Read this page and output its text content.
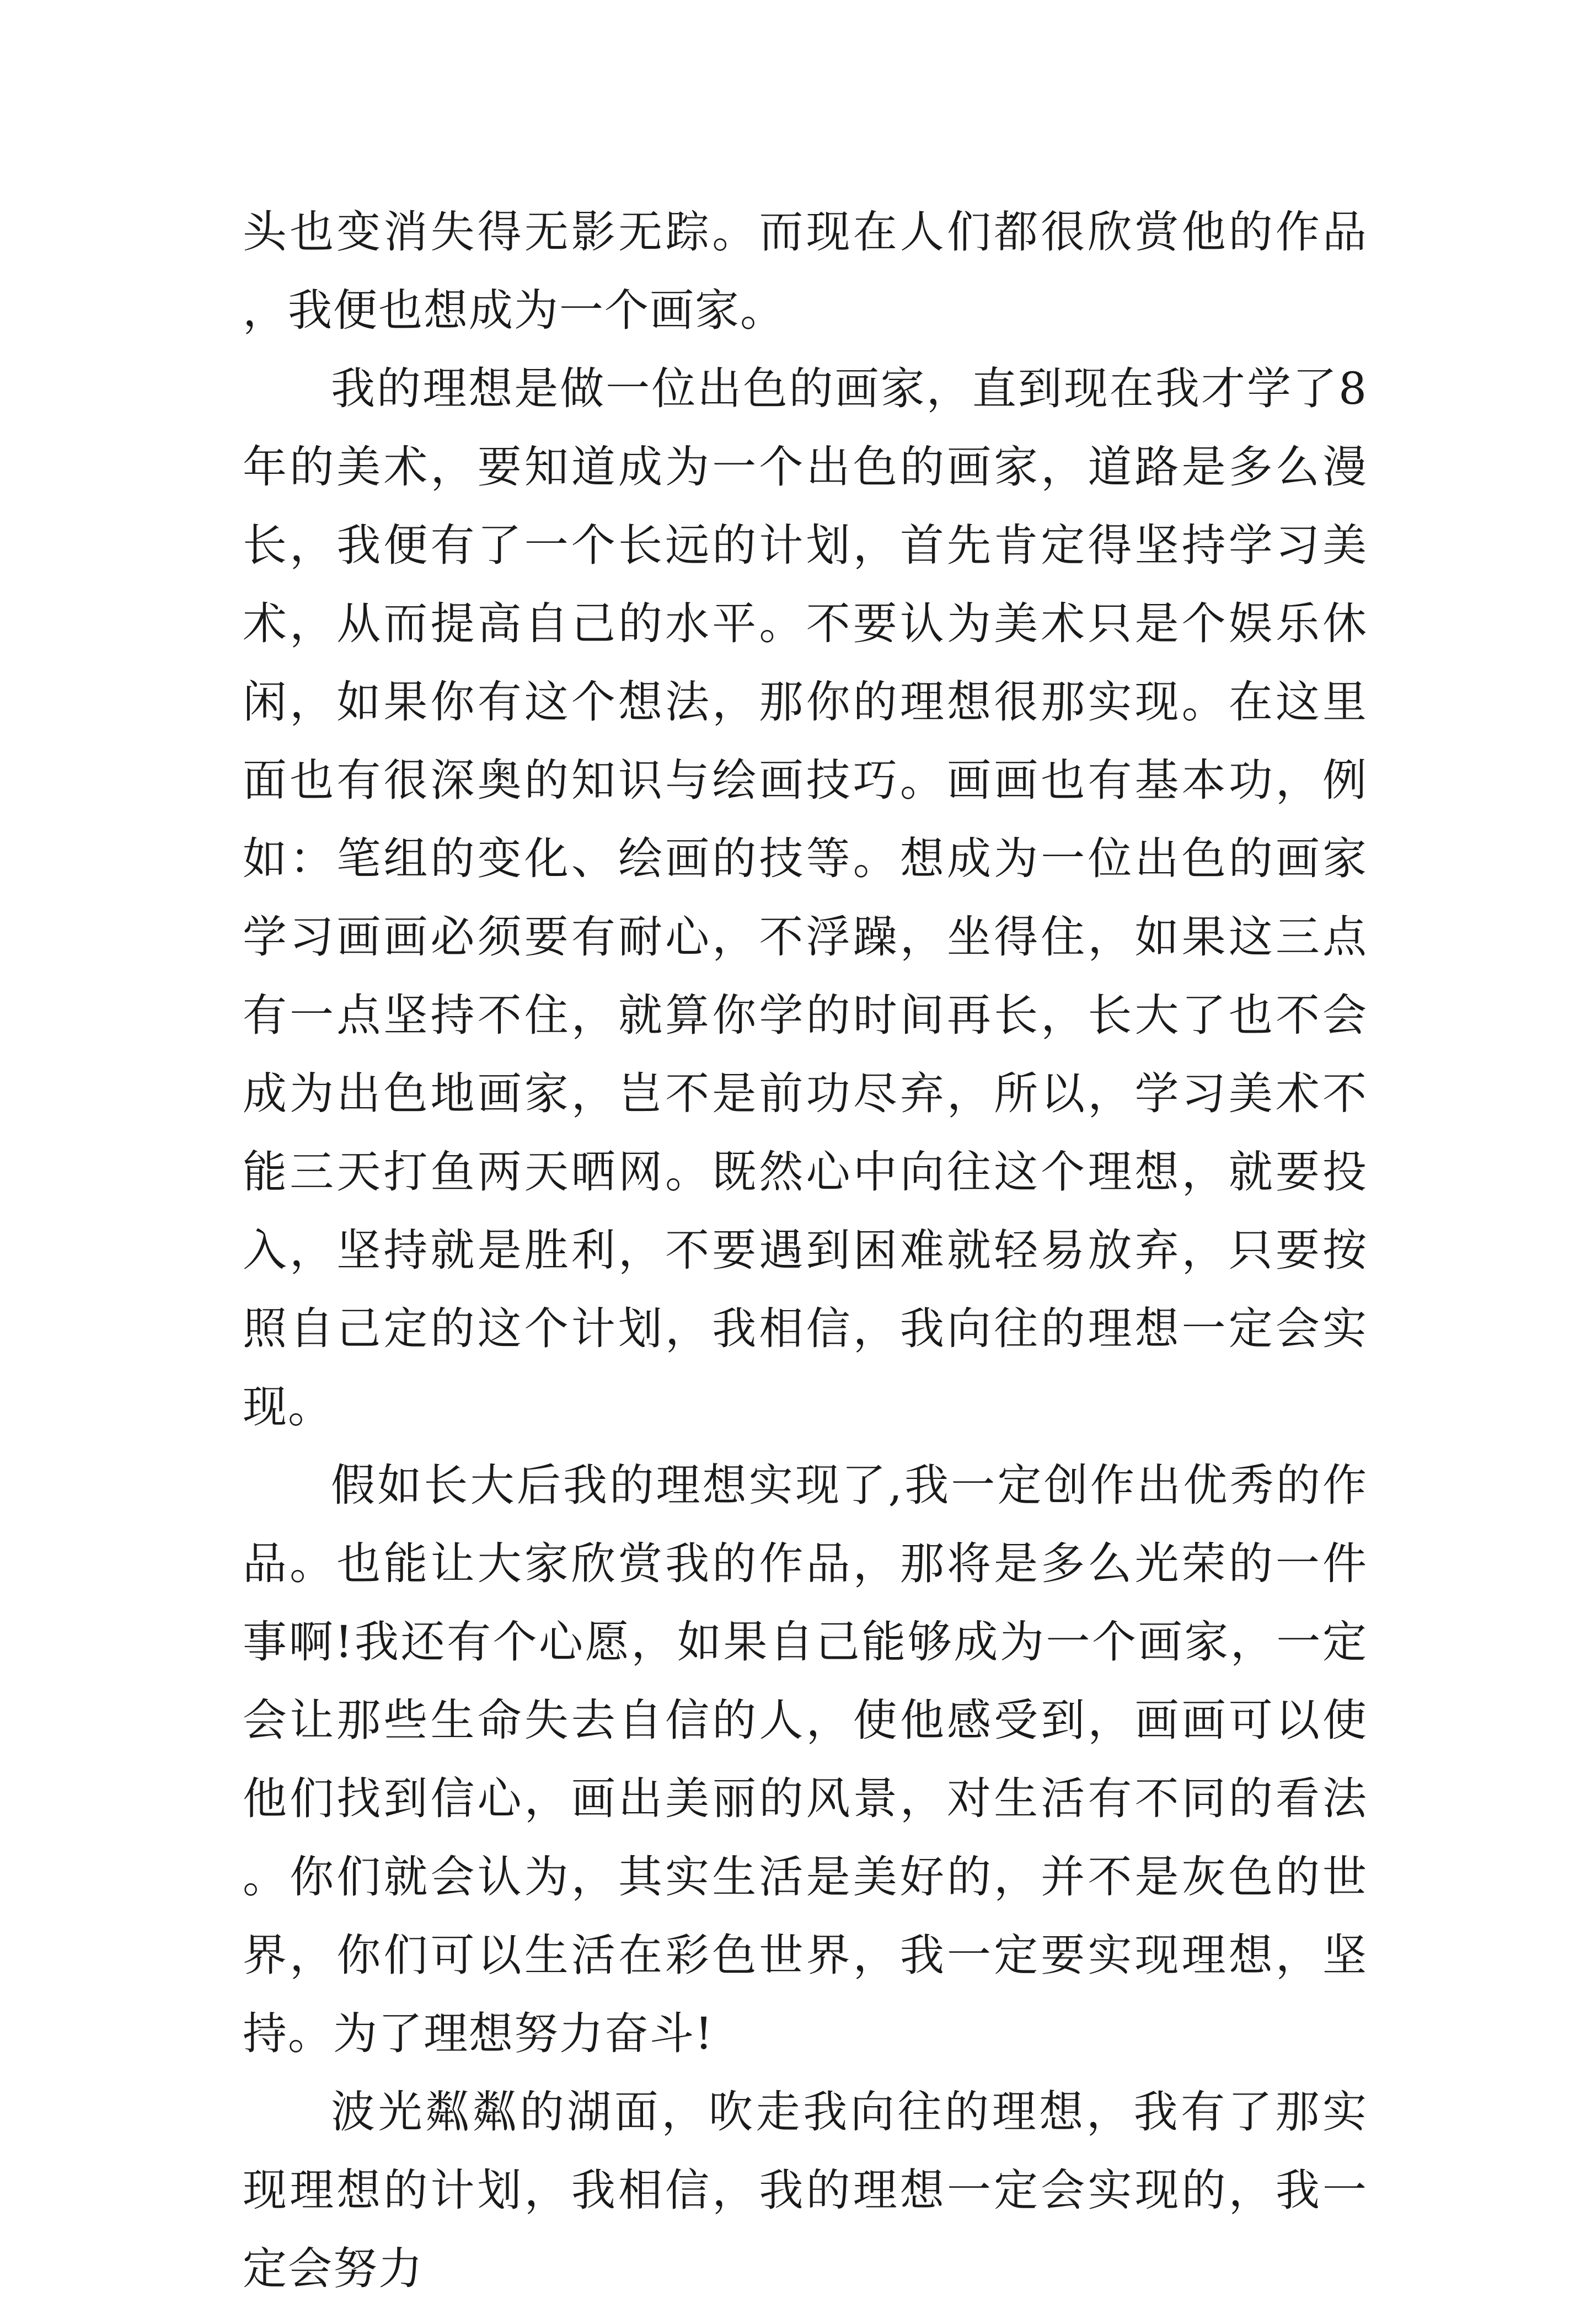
头也变消失得无影无踪。而现在人们都很欣赏他的作品，我便也想成为一个画家。

我的理想是做一位出色的画家，直到现在我才学了8年的美术，要知道成为一个出色的画家，道路是多么漫长，我便有了一个长远的计划，首先肯定得坚持学习美术，从而提高自己的水平。不要认为美术只是个娱乐休闲，如果你有这个想法，那你的理想很那实现。在这里面也有很深奥的知识与绘画技巧。画画也有基本功，例如：笔组的变化、绘画的技等。想成为一位出色的画家学习画画必须要有耐心，不浮躁，坐得住，如果这三点有一点坚持不住，就算你学的时间再长，长大了也不会成为出色地画家，岂不是前功尽弃，所以，学习美术不能三天打鱼两天晒网。既然心中向往这个理想，就要投入，坚持就是胜利，不要遇到困难就轻易放弃，只要按照自己定的这个计划，我相信，我向往的理想一定会实现。

假如长大后我的理想实现了,我一定创作出优秀的作品。也能让大家欣赏我的作品，那将是多么光荣的一件事啊!我还有个心愿，如果自己能够成为一个画家，一定会让那些生命失去自信的人，使他感受到，画画可以使他们找到信心，画出美丽的风景，对生活有不同的看法。你们就会认为，其实生活是美好的，并不是灰色的世界，你们可以生活在彩色世界，我一定要实现理想，坚持。为了理想努力奋斗!

波光粼粼的湖面，吹走我向往的理想，我有了那实现理想的计划，我相信，我的理想一定会实现的，我一定会努力
